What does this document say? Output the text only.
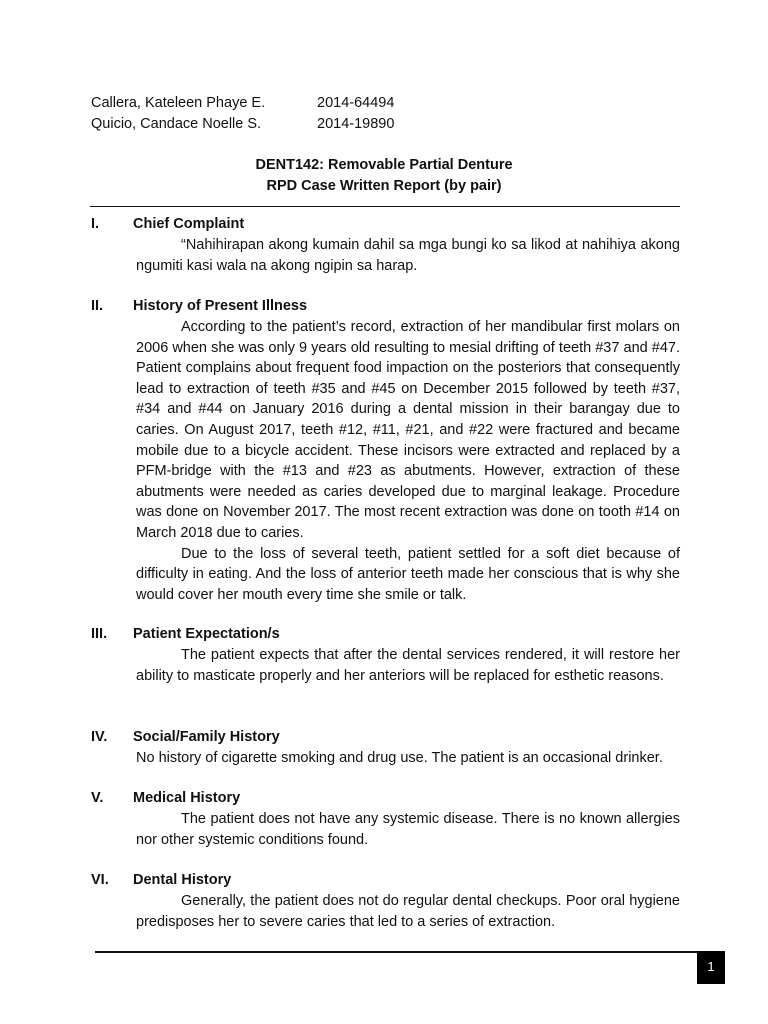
Callera, Kateleen Phaye E.	2014-64494
Quicio, Candace Noelle S.	2014-19890
DENT142: Removable Partial Denture
RPD Case Written Report (by pair)
I.	Chief Complaint

“Nahihirapan akong kumain dahil sa mga bungi ko sa likod at nahihiya akong ngumiti kasi wala na akong ngipin sa harap.

II.	History of Present Illness

According to the patient’s record, extraction of her mandibular first molars on 2006 when she was only 9 years old resulting to mesial drifting of teeth #37 and #47. Patient complains about frequent food impaction on the posteriors that consequently lead to extraction of teeth #35 and #45 on December 2015 followed by teeth #37, #34 and #44 on January 2016 during a dental mission in their barangay due to caries. On August 2017, teeth #12, #11, #21, and #22 were fractured and became mobile due to a bicycle accident. These incisors were extracted and replaced by a PFM-bridge with the #13 and #23 as abutments. However, extraction of these abutments were needed as caries developed due to marginal leakage. Procedure was done on November 2017. The most recent extraction was done on tooth #14 on March 2018 due to caries.

Due to the loss of several teeth, patient settled for a soft diet because of difficulty in eating. And the loss of anterior teeth made her conscious that is why she would cover her mouth every time she smile or talk.

III.	Patient Expectation/s

The patient expects that after the dental services rendered, it will restore her ability to masticate properly and her anteriors will be replaced for esthetic reasons.

IV.	Social/Family History

No history of cigarette smoking and drug use. The patient is an occasional drinker.

V.	Medical History

The patient does not have any systemic disease. There is no known allergies nor other systemic conditions found.

VI.	Dental History

Generally, the patient does not do regular dental checkups. Poor oral hygiene predisposes her to severe caries that led to a series of extraction.

1
